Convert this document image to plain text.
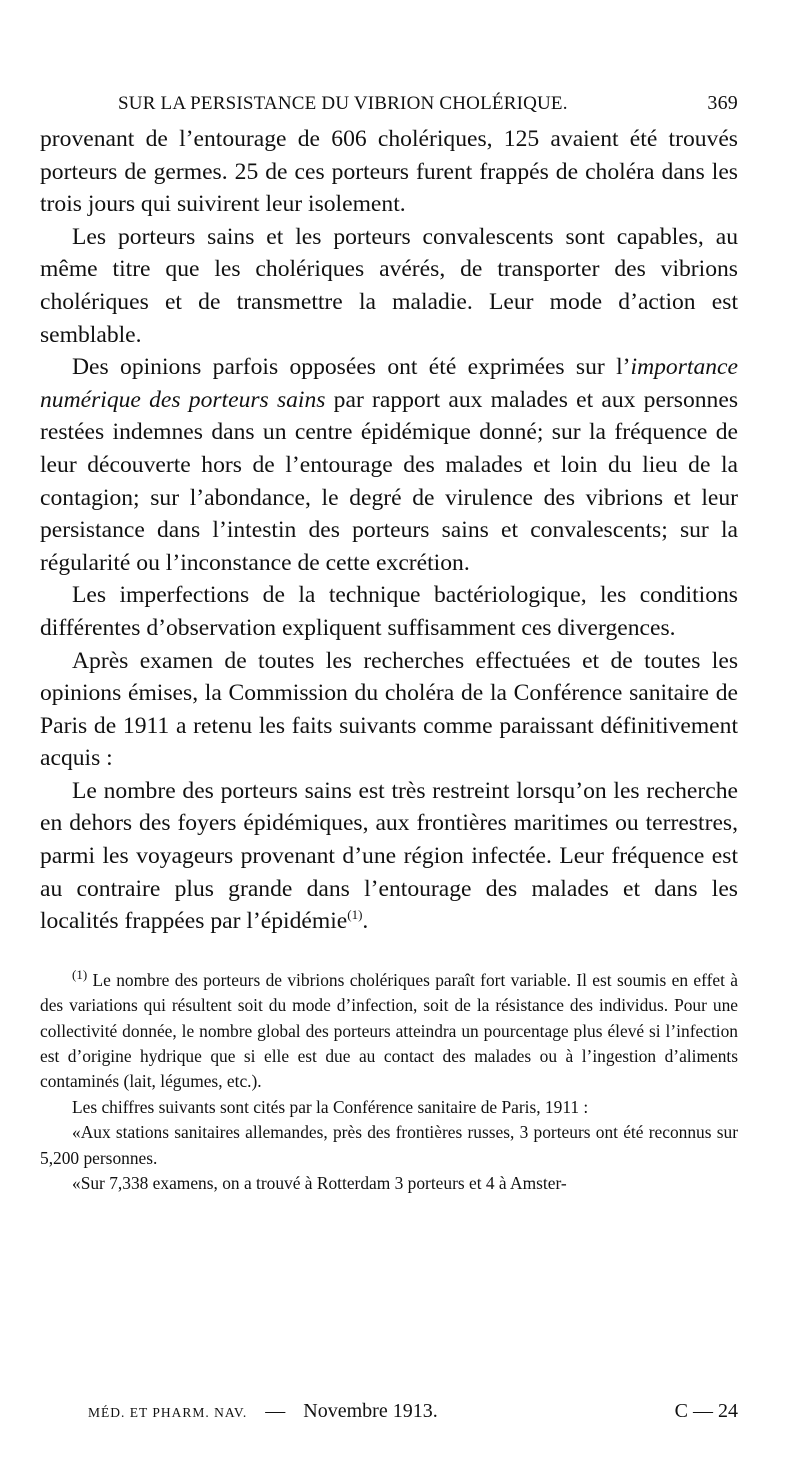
SUR LA PERSISTANCE DU VIBRION CHOLÉRIQUE.	369

provenant de l’entourage de 606 cholériques, 125 avaient été trouvés porteurs de germes. 25 de ces porteurs furent frappés de choléra dans les trois jours qui suivirent leur isolement.

Les porteurs sains et les porteurs convalescents sont capables, au même titre que les cholériques avérés, de transporter des vibrions cholériques et de transmettre la maladie. Leur mode d’action est semblable.

Des opinions parfois opposées ont été exprimées sur l’importance numérique des porteurs sains par rapport aux malades et aux personnes restées indemnes dans un centre épidémique donné; sur la fréquence de leur découverte hors de l’entourage des malades et loin du lieu de la contagion; sur l’abondance, le degré de virulence des vibrions et leur persistance dans l’intestin des porteurs sains et convalescents; sur la régularité ou l’inconstance de cette excrétion.

Les imperfections de la technique bactériologique, les conditions différentes d’observation expliquent suffisamment ces divergences.

Après examen de toutes les recherches effectuées et de toutes les opinions émises, la Commission du choléra de la Conférence sanitaire de Paris de 1911 a retenu les faits suivants comme paraissant définitivement acquis :

Le nombre des porteurs sains est très restreint lorsqu’on les recherche en dehors des foyers épidémiques, aux frontières maritimes ou terrestres, parmi les voyageurs provenant d’une région infectée. Leur fréquence est au contraire plus grande dans l’entourage des malades et dans les localités frappées par l’épidémie$^{(1)}$.

$^{(1)}$ Le nombre des porteurs de vibrions cholériques paraît fort variable. Il est soumis en effet à des variations qui résultent soit du mode d’infection, soit de la résistance des individus. Pour une collectivité donnée, le nombre global des porteurs atteindra un pourcentage plus élevé si l’infection est d’origine hydrique que si elle est due au contact des malades ou à l’ingestion d’aliments contaminés (lait, légumes, etc.).

Les chiffres suivants sont cités par la Conférence sanitaire de Paris, 1911 :

«Aux stations sanitaires allemandes, près des frontières russes, 3 porteurs ont été reconnus sur 5,200 personnes.

«Sur 7,338 examens, on a trouvé à Rotterdam 3 porteurs et 4 à Amster-

MÉD. ET PHARM. NAV. — Novembre 1913.	C — 24
